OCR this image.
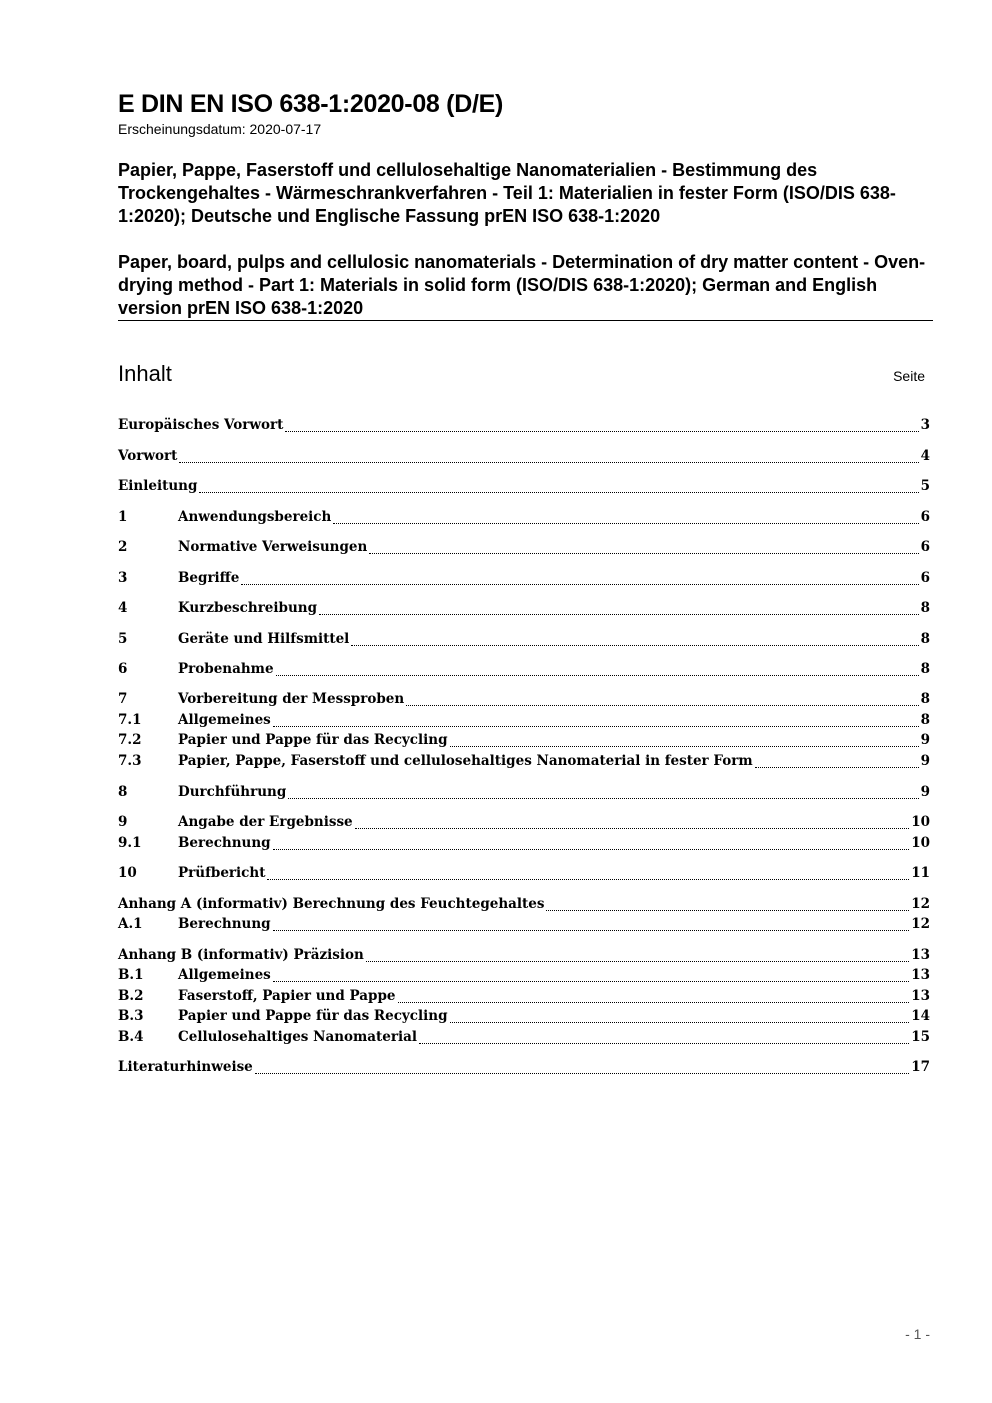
E DIN EN ISO 638-1:2020-08 (D/E)
Erscheinungsdatum: 2020-07-17
Papier, Pappe, Faserstoff und cellulosehaltige Nanomaterialien - Bestimmung des Trockengehaltes - Wärmeschrankverfahren - Teil 1: Materialien in fester Form (ISO/DIS 638-1:2020); Deutsche und Englische Fassung prEN ISO 638-1:2020
Paper, board, pulps and cellulosic nanomaterials - Determination of dry matter content - Oven-drying method - Part 1: Materials in solid form (ISO/DIS 638-1:2020); German and English version prEN ISO 638-1:2020
Inhalt	Seite
Europäisches Vorwort	3
Vorwort	4
Einleitung	5
1	Anwendungsbereich	6
2	Normative Verweisungen	6
3	Begriffe	6
4	Kurzbeschreibung	8
5	Geräte und Hilfsmittel	8
6	Probenahme	8
7	Vorbereitung der Messproben	8
7.1	Allgemeines	8
7.2	Papier und Pappe für das Recycling	9
7.3	Papier, Pappe, Faserstoff und cellulosehaltiges Nanomaterial in fester Form	9
8	Durchführung	9
9	Angabe der Ergebnisse	10
9.1	Berechnung	10
10	Prüfbericht	11
Anhang A (informativ) Berechnung des Feuchtegehaltes	12
A.1	Berechnung	12
Anhang B (informativ) Präzision	13
B.1	Allgemeines	13
B.2	Faserstoff, Papier und Pappe	13
B.3	Papier und Pappe für das Recycling	14
B.4	Cellulosehaltiges Nanomaterial	15
Literaturhinweise	17
- 1 -
